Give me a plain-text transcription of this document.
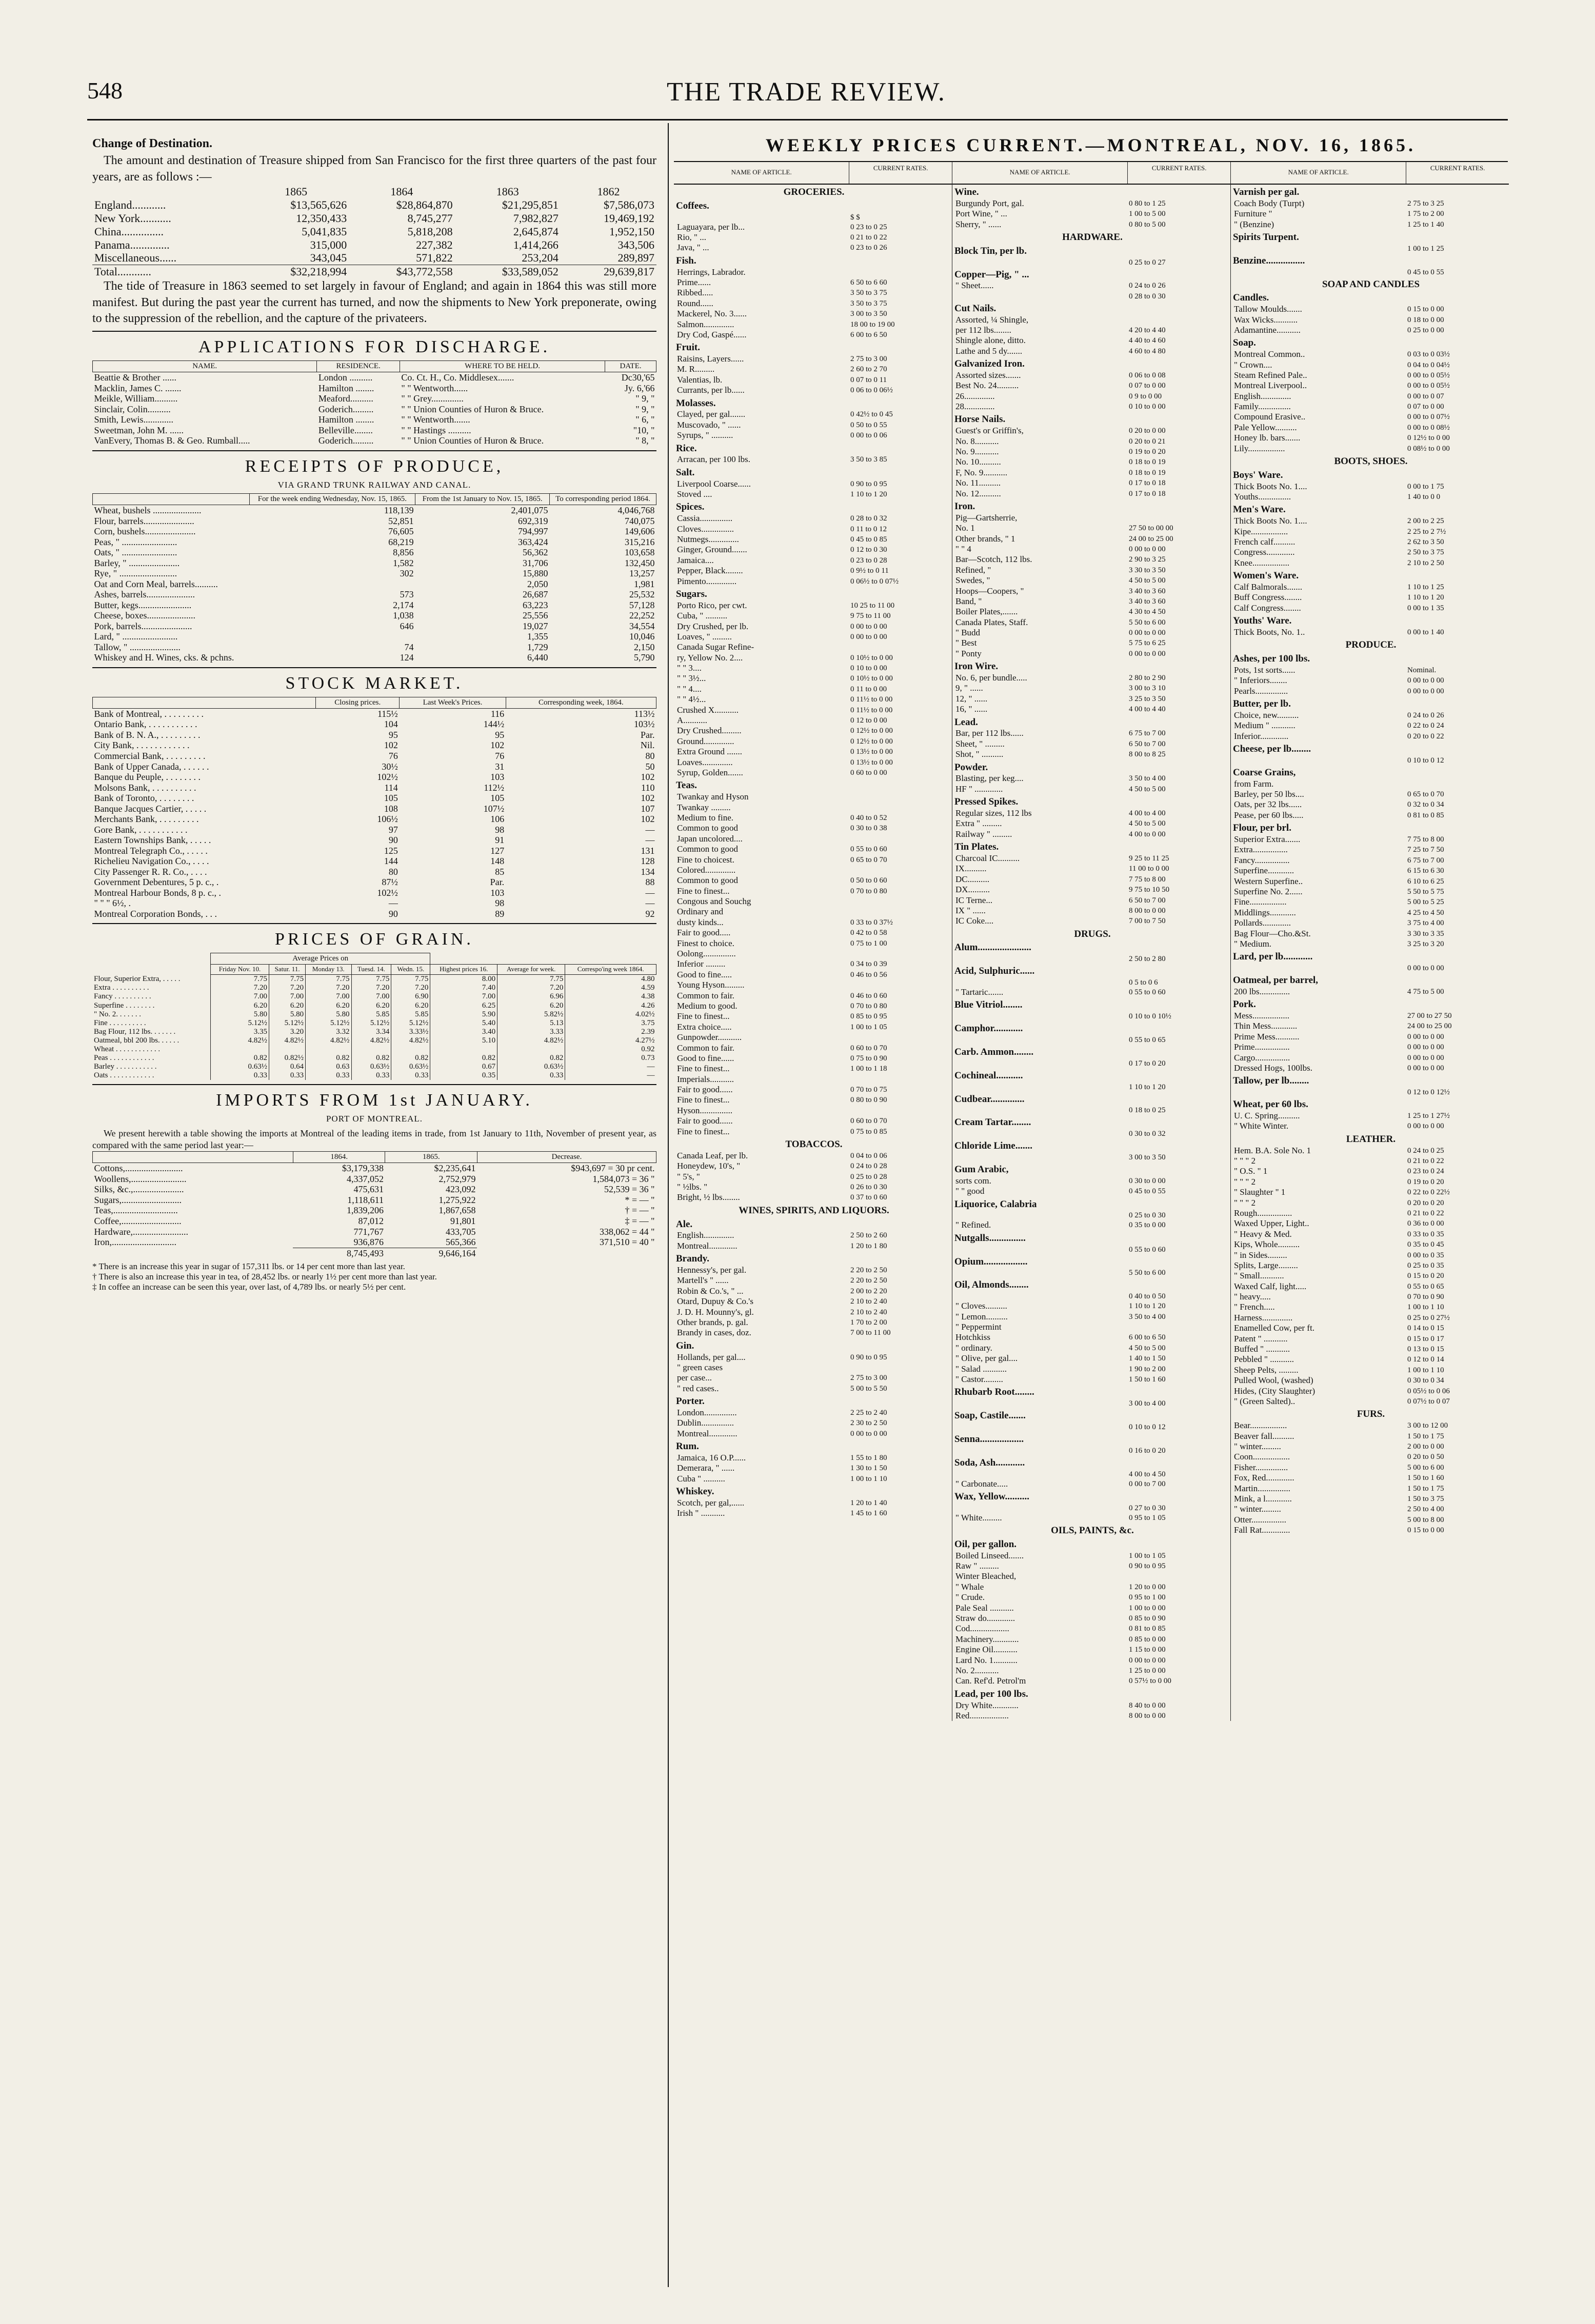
548	THE TRADE REVIEW.
Change of Destination.

The amount and destination of Treasure shipped from San Francisco for the first three quarters of the past four years, are as follows :—

	1865	1864	1863	1862
England............	$13,565,626	$28,864,870	$21,295,851	$7,586,073
New York...........	12,350,433	8,745,277	7,982,827	19,469,192
China...............	5,041,835	5,818,208	2,645,874	1,952,150
Panama..............	315,000	227,382	1,414,266	343,506
Miscellaneous......	343,045	571,822	253,204	289,897
Total............	$32,218,994	$43,772,558	$33,589,052	29,639,817

The tide of Treasure in 1863 seemed to set largely in favour of England; and again in 1864 this was still more manifest. But during the past year the current has turned, and now the shipments to New York preponerate, owing to the suppression of the rebellion, and the capture of the privateers.

APPLICATIONS FOR DISCHARGE.
NAME.	RESIDENCE.	WHERE TO BE HELD.	DATE.
Beattie & Brother ......	London ..........	Co. Ct. H., Co. Middlesex.......	Dc30,'65
Macklin, James C. .......	Hamilton ........	" " Wentworth......	Jy. 6,'66
Meikle, William..........	Meaford..........	" " Grey..............	" 9, "
Sinclair, Colin..........	Goderich.........	" " Union Counties of Huron & Bruce.	" 9, "
Smith, Lewis.............	Hamilton ........	" " Wentworth.......	" 6, "
Sweetman, John M. ......	Belleville........	" " Hastings ..........	"10, "
VanEvery, Thomas B. & Geo. Rumball.....	Goderich.........	" " Union Counties of Huron & Bruce.	" 8, "
RECEIPTS OF PRODUCE,
VIA GRAND TRUNK RAILWAY AND CANAL.
	For the week ending Wednesday, Nov. 15, 1865.	From the 1st January to Nov. 15, 1865.	To corresponding period 1864.
Wheat, bushels .....................	118,139	2,401,075	4,046,768
Flour, barrels......................	52,851	692,319	740,075
Corn, bushels......................	76,605	794,997	149,606
Peas, " ........................	68,219	363,424	315,216
Oats, " ........................	8,856	56,362	103,658
Barley, " ......................	1,582	31,706	132,450
Rye, " .........................	302	15,880	13,257
Oat and Corn Meal, barrels..........		2,050	1,981
Ashes, barrels.....................	573	26,687	25,532
Butter, kegs.......................	2,174	63,223	57,128
Cheese, boxes.....................	1,038	25,556	22,252
Pork, barrels......................	646	19,027	34,554
Lard, " ........................		1,355	10,046
Tallow, " ......................	74	1,729	2,150
Whiskey and H. Wines, cks. & pchns.	124	6,440	5,790
STOCK MARKET.
	Closing prices.	Last Week's Prices.	Corresponding week, 1864.
Bank of Montreal, . . . . . . . . .	115½	116	113½
Ontario Bank, . . . . . . . . . . .	104	144½	103½
Bank of B. N. A., . . . . . . . . .	95	95	Par.
City Bank, . . . . . . . . . . . .	102	102	Nil.
Commercial Bank, . . . . . . . . .	76	76	80
Bank of Upper Canada, . . . . . .	30½	31	50
Banque du Peuple, . . . . . . . .	102½	103	102
Molsons Bank, . . . . . . . . . .	114	112½	110
Bank of Toronto, . . . . . . . .	105	105	102
Banque Jacques Cartier, . . . . .	108	107½	107
Merchants Bank, . . . . . . . . .	106½	106	102
Gore Bank, . . . . . . . . . . .	97	98	—
Eastern Townships Bank, . . . . .	90	91	—
Montreal Telegraph Co., . . . . .	125	127	131
Richelieu Navigation Co., . . . .	144	148	128
City Passenger R. R. Co., . . . .	80	85	134
Government Debentures, 5 p. c., .	87½	Par.	88
Montreal Harbour Bonds, 8 p. c., .	102½	103	—
" " " 6½, .	—	98	—
Montreal Corporation Bonds, . . .	90	89	92
PRICES OF GRAIN.
	Average Prices on							
	Friday Nov. 10.	Satur. 11.	Monday 13.	Tuesd. 14.	Wedn. 15.	Highest prices 16.	Average for week.	Correspo'ing week 1864.
Flour, Superior Extra, . . . . .	7.75	7.75	7.75	7.75	7.75	8.00	7.75	4.80
Extra . . . . . . . . . .	7.20	7.20	7.20	7.20	7.20	7.40	7.20	4.59
Fancy . . . . . . . . . .	7.00	7.00	7.00	7.00	6.90	7.00	6.96	4.38
Superfine . . . . . . . .	6.20	6.20	6.20	6.20	6.20	6.25	6.20	4.26
" No. 2. . . . . . .	5.80	5.80	5.80	5.85	5.85	5.90	5.82½	4.02½
Fine . . . . . . . . . .	5.12½	5.12½	5.12½	5.12½	5.12½	5.40	5.13	3.75
Bag Flour, 112 lbs. . . . . . .	3.35	3.20	3.32	3.34	3.33½	3.40	3.33	2.39
Oatmeal, bbl 200 lbs. . . . . .	4.82½	4.82½	4.82½	4.82½	4.82½	5.10	4.82½	4.27½
Wheat . . . . . . . . . . . .								0.92
Peas . . . . . . . . . . . .	0.82	0.82½	0.82	0.82	0.82	0.82	0.82	0.73
Barley . . . . . . . . . . .	0.63½	0.64	0.63	0.63½	0.63½	0.67	0.63½	—
Oats . . . . . . . . . . . .	0.33	0.33	0.33	0.33	0.33	0.35	0.33	—
IMPORTS FROM 1st JANUARY.
PORT OF MONTREAL.

We present herewith a table showing the imports at Montreal of the leading items in trade, from 1st January to 11th, November of present year, as compared with the same period last year:—

	1864.	1865.	Decrease.
Cottons,.........................	$3,179,338	$2,235,641	$943,697 = 30 pr cent.
Woollens,........................	4,337,052	2,752,979	1,584,073 = 36 "
Silks, &c.,......................	475,631	423,092	52,539 = 36 "
Sugars,..........................	1,118,611	1,275,922	* = — "
Teas,............................	1,839,206	1,867,658	† = — "
Coffee,..........................	87,012	91,801	‡ = — "
Hardware,........................	771,767	433,705	338,062 = 44 "
Iron,............................	936,876	565,366	371,510 = 40 "
	8,745,493	9,646,164	
* There is an increase this year in sugar of 157,311 lbs. or 14 per cent more than last year.
† There is also an increase this year in tea, of 28,452 lbs. or nearly 1½ per cent more than last year.
‡ In coffee an increase can be seen this year, over last, of 4,789 lbs. or nearly 5½ per cent.
WEEKLY PRICES CURRENT.—MONTREAL, NOV. 16, 1865.
NAME OF ARTICLE.
CURRENT RATES.
GROCERIES.
Coffees.
$ $
Laguayara, per lb...	0 23 to 0 25
Rio, " ...	0 21 to 0 22
Java, " ...	0 23 to 0 26
Fish.
Herrings, Labrador.
Prime......	6 50 to 6 60
Ribbed.....	3 50 to 3 75
Round......	3 50 to 3 75
Mackerel, No. 3......	3 00 to 3 50
Salmon..............	18 00 to 19 00
Dry Cod, Gaspé......	6 00 to 6 50
Fruit.
Raisins, Layers......	2 75 to 3 00
M. R.........	2 60 to 2 70
Valentias, lb.	0 07 to 0 11
Currants, per lb......	0 06 to 0 06½
Molasses.
Clayed, per gal.......	0 42½ to 0 45
Muscovado, " ......	0 50 to 0 55
Syrups, " ..........	0 00 to 0 06
Rice.
Arracan, per 100 lbs.	3 50 to 3 85
Salt.
Liverpool Coarse......	0 90 to 0 95
Stoved ....	1 10 to 1 20
Spices.
Cassia...............	0 28 to 0 32
Cloves...............	0 11 to 0 12
Nutmegs..............	0 45 to 0 85
Ginger, Ground.......	0 12 to 0 30
Jamaica....	0 23 to 0 28
Pepper, Black........	0 9½ to 0 11
Pimento..............	0 06½ to 0 07½
Sugars.
Porto Rico, per cwt.	10 25 to 11 00
Cuba, " ..........	9 75 to 11 00
Dry Crushed, per lb.	0 00 to 0 00
Loaves, " .........	0 00 to 0 00
Canada Sugar Refine-
ry, Yellow No. 2....	0 10½ to 0 00
" " 3....	0 10 to 0 00
" " 3½...	0 10½ to 0 00
" " 4....	0 11 to 0 00
" " 4½...	0 11½ to 0 00
Crushed X...........	0 11½ to 0 00
A...........	0 12 to 0 00
Dry Crushed.........	0 12½ to 0 00
Ground..............	0 12½ to 0 00
Extra Ground .......	0 13½ to 0 00
Loaves..............	0 13½ to 0 00
Syrup, Golden.......	0 60 to 0 00
Teas.
Twankay and Hyson
Twankay .........
Medium to fine.	0 40 to 0 52
Common to good	0 30 to 0 38
Japan uncolored....
Common to good	0 55 to 0 60
Fine to choicest.	0 65 to 0 70
Colored..............
Common to good	0 50 to 0 60
Fine to finest...	0 70 to 0 80
Congous and Souchg
Ordinary and
dusty kinds...	0 33 to 0 37½
Fair to good.....	0 42 to 0 58
Finest to choice.	0 75 to 1 00
Oolong...............
Inferior .........	0 34 to 0 39
Good to fine.....	0 46 to 0 56
Young Hyson.........
Common to fair.	0 46 to 0 60
Medium to good.	0 70 to 0 80
Fine to finest...	0 85 to 0 95
Extra choice.....	1 00 to 1 05
Gunpowder...........
Common to fair.	0 60 to 0 70
Good to fine......	0 75 to 0 90
Fine to finest...	1 00 to 1 18
Imperials...........
Fair to good......	0 70 to 0 75
Fine to finest...	0 80 to 0 90
Hyson...............
Fair to good......	0 60 to 0 70
Fine to finest...	0 75 to 0 85
TOBACCOS.
Canada Leaf, per lb.	0 04 to 0 06
Honeydew, 10's, "	0 24 to 0 28
" 5's, "	0 25 to 0 28
" ½lbs. "	0 26 to 0 30
Bright, ½ lbs........	0 37 to 0 60
WINES, SPIRITS, AND LIQUORS.
Ale.
English..............	2 50 to 2 60
Montreal.............	1 20 to 1 80
Brandy.
Hennessy's, per gal.	2 20 to 2 50
Martell's " ......	2 20 to 2 50
Robin & Co.'s, " ...	2 00 to 2 20
Otard, Dupuy & Co.'s	2 10 to 2 40
J. D. H. Mounny's, gl.	2 10 to 2 40
Other brands, p. gal.	1 70 to 2 00
Brandy in cases, doz.	7 00 to 11 00
Gin.
Hollands, per gal....	0 90 to 0 95
" green cases
per case...	2 75 to 3 00
" red cases..	5 00 to 5 50
Porter.
London...............	2 25 to 2 40
Dublin...............	2 30 to 2 50
Montreal.............	0 00 to 0 00
Rum.
Jamaica, 16 O.P......	1 55 to 1 80
Demerara, " ......	1 30 to 1 50
Cuba " ..........	1 00 to 1 10
Whiskey.
Scotch, per gal,......	1 20 to 1 40
Irish " ...........	1 45 to 1 60
NAME OF ARTICLE.
CURRENT RATES.
Wine.
Burgundy Port, gal.	0 80 to 1 25
Port Wine, " ...	1 00 to 5 00
Sherry, " ......	0 80 to 5 00
HARDWARE.
Block Tin, per lb.
0 25 to 0 27
Copper—Pig, " ...
" Sheet......	0 24 to 0 26
0 28 to 0 30
Cut Nails.
Assorted, ¼ Shingle,
per 112 lbs........	4 20 to 4 40
Shingle alone, ditto.	4 40 to 4 60
Lathe and 5 dy.......	4 60 to 4 80
Galvanized Iron.
Assorted sizes.......	0 06 to 0 08
Best No. 24..........	0 07 to 0 00
26..............	0 9 to 0 00
28..............	0 10 to 0 00
Horse Nails.
Guest's or Griffin's,	0 20 to 0 00
No. 8...........	0 20 to 0 21
No. 9...........	0 19 to 0 20
No. 10..........	0 18 to 0 19
F, No. 9...........	0 18 to 0 19
No. 11..........	0 17 to 0 18
No. 12..........	0 17 to 0 18
Iron.
Pig—Gartsherrie,
No. 1	27 50 to 00 00
Other brands, " 1	24 00 to 25 00
" " 4	0 00 to 0 00
Bar—Scotch, 112 lbs.	2 90 to 3 25
Refined, "	3 30 to 3 50
Swedes, "	4 50 to 5 00
Hoops—Coopers, "	3 40 to 3 60
Band, "	3 40 to 3 60
Boiler Plates,.......	4 30 to 4 50
Canada Plates, Staff.	5 50 to 6 00
" Budd	0 00 to 0 00
" Best	5 75 to 6 25
" Ponty	0 00 to 0 00
Iron Wire.
No. 6, per bundle.....	2 80 to 2 90
9, " ......	3 00 to 3 10
12, " ......	3 25 to 3 50
16, " ......	4 00 to 4 40
Lead.
Bar, per 112 lbs......	6 75 to 7 00
Sheet, " .........	6 50 to 7 00
Shot, " ..........	8 00 to 8 25
Powder.
Blasting, per keg....	3 50 to 4 00
HF " .............	4 50 to 5 00
Pressed Spikes.
Regular sizes, 112 lbs	4 00 to 4 00
Extra " .........	4 50 to 5 00
Railway " .........	4 00 to 0 00
Tin Plates.
Charcoal IC..........	9 25 to 11 25
IX..........	11 00 to 0 00
DC..........	7 75 to 8 00
DX..........	9 75 to 10 50
IC Terne...	6 50 to 7 00
IX " ......	8 00 to 0 00
IC Coke....	7 00 to 7 50
DRUGS.
Alum......................
2 50 to 2 80
Acid, Sulphuric......
0 5 to 0 6
" Tartaric.......	0 55 to 0 60
Blue Vitriol........
0 10 to 0 10½
Camphor............
0 55 to 0 65
Carb. Ammon........
0 17 to 0 20
Cochineal...........
1 10 to 1 20
Cudbear..............
0 18 to 0 25
Cream Tartar........
0 30 to 0 32
Chloride Lime.......
3 00 to 3 50
Gum Arabic,
sorts com.	0 30 to 0 00
" " good	0 45 to 0 55
Liquorice, Calabria
0 25 to 0 30
" Refined.	0 35 to 0 00
Nutgalls...............
0 55 to 0 60
Opium..................
5 50 to 6 00
Oil, Almonds........
0 40 to 0 50
" Cloves..........	1 10 to 1 20
" Lemon..........	3 50 to 4 00
" Peppermint
Hotchkiss	6 00 to 6 50
" ordinary.	4 50 to 5 00
" Olive, per gal....	1 40 to 1 50
" Salad ...........	1 90 to 2 00
" Castor.........	1 50 to 1 60
Rhubarb Root........
3 00 to 4 00
Soap, Castile.......
0 10 to 0 12
Senna..................
0 16 to 0 20
Soda, Ash............
4 00 to 4 50
" Carbonate.....	0 00 to 7 00
Wax, Yellow..........
0 27 to 0 30
" White.........	0 95 to 1 05
OILS, PAINTS, &c.
Oil, per gallon.
Boiled Linseed.......	1 00 to 1 05
Raw " .........	0 90 to 0 95
Winter Bleached,
" Whale	1 20 to 0 00
" Crude.	0 95 to 1 00
Pale Seal ...........	1 00 to 0 00
Straw do.............	0 85 to 0 90
Cod..................	0 81 to 0 85
Machinery............	0 85 to 0 00
Engine Oil...........	1 15 to 0 00
Lard No. 1...........	0 00 to 0 00
No. 2...........	1 25 to 0 00
Can. Ref'd. Petrol'm	0 57½ to 0 00
Lead, per 100 lbs.
Dry White............	8 40 to 0 00
Red..................	8 00 to 0 00
NAME OF ARTICLE.
CURRENT RATES.
Varnish per gal.
Coach Body (Turpt)	2 75 to 3 25
Furniture "	1 75 to 2 00
" (Benzine)	1 25 to 1 40
Spirits Turpent.
1 00 to 1 25
Benzine................
0 45 to 0 55
SOAP AND CANDLES
Candles.
Tallow Moulds.......	0 15 to 0 00
Wax Wicks...........	0 18 to 0 00
Adamantine...........	0 25 to 0 00
Soap.
Montreal Common..	0 03 to 0 03½
" Crown....	0 04 to 0 04½
Steam Refined Pale..	0 00 to 0 05½
Montreal Liverpool..	0 00 to 0 05½
English..............	0 00 to 0 07
Family...............	0 07 to 0 00
Compound Erasive..	0 00 to 0 07½
Pale Yellow..........	0 00 to 0 08½
Honey lb. bars.......	0 12½ to 0 00
Lily.................	0 08½ to 0 00
BOOTS, SHOES.
Boys' Ware.
Thick Boots No. 1....	0 00 to 1 75
Youths...............	1 40 to 0 0
Men's Ware.
Thick Boots No. 1....	2 00 to 2 25
Kipe.................	2 25 to 2 7½
French calf..........	2 62 to 3 50
Congress.............	2 50 to 3 75
Knee.................	2 10 to 2 50
Women's Ware.
Calf Balmorals.......	1 10 to 1 25
Buff Congress........	1 10 to 1 20
Calf Congress........	0 00 to 1 35
Youths' Ware.
Thick Boots, No. 1..	0 00 to 1 40
PRODUCE.
Ashes, per 100 lbs.
Pots, 1st sorts......	Nominal.
" Inferiors........	0 00 to 0 00
Pearls...............	0 00 to 0 00
Butter, per lb.
Choice, new..........	0 24 to 0 26
Medium " ...........	0 22 to 0 24
Inferior.............	0 20 to 0 22
Cheese, per lb........
0 10 to 0 12
Coarse Grains,
from Farm.
Barley, per 50 lbs....	0 65 to 0 70
Oats, per 32 lbs......	0 32 to 0 34
Pease, per 60 lbs.....	0 81 to 0 85
Flour, per brl.
Superior Extra.......	7 75 to 8 00
Extra................	7 25 to 7 50
Fancy................	6 75 to 7 00
Superfine............	6 15 to 6 30
Western Superfine..	6 10 to 6 25
Superfine No. 2......	5 50 to 5 75
Fine.................	5 00 to 5 25
Middlings............	4 25 to 4 50
Pollards.............	3 75 to 4 00
Bag Flour—Cho.&St.	3 30 to 3 35
" Medium.	3 25 to 3 20
Lard, per lb............
0 00 to 0 00
Oatmeal, per barrel,
200 lbs..............	4 75 to 5 00
Pork.
Mess.................	27 00 to 27 50
Thin Mess............	24 00 to 25 00
Prime Mess...........	0 00 to 0 00
Prime................	0 00 to 0 00
Cargo................	0 00 to 0 00
Dressed Hogs, 100lbs.	0 00 to 0 00
Tallow, per lb........
0 12 to 0 12½
Wheat, per 60 lbs.
U. C. Spring..........	1 25 to 1 27½
" White Winter.	0 00 to 0 00
LEATHER.
Hem. B.A. Sole No. 1	0 24 to 0 25
" " " 2	0 21 to 0 22
" O.S. " 1	0 23 to 0 24
" " " 2	0 19 to 0 20
" Slaughter " 1	0 22 to 0 22½
" " " 2	0 20 to 0 20
Rough................	0 21 to 0 22
Waxed Upper, Light..	0 36 to 0 00
" Heavy & Med.	0 33 to 0 35
Kips, Whole..........	0 35 to 0 45
" in Sides.........	0 00 to 0 35
Splits, Large.........	0 25 to 0 35
" Small...........	0 15 to 0 20
Waxed Calf, light.....	0 55 to 0 65
" heavy.....	0 70 to 0 90
" French.....	1 00 to 1 10
Harness..............	0 25 to 0 27½
Enamelled Cow, per ft.	0 14 to 0 15
Patent " ...........	0 15 to 0 17
Buffed " ...........	0 13 to 0 15
Pebbled " ...........	0 12 to 0 14
Sheep Pelts, .........	1 00 to 1 10
Pulled Wool, (washed)	0 30 to 0 34
Hides, (City Slaughter)	0 05½ to 0 06
" (Green Salted)..	0 07½ to 0 07
FURS.
Bear.................	3 00 to 12 00
Beaver fall..........	1 50 to 1 75
" winter.........	2 00 to 0 00
Coon.................	0 20 to 0 50
Fisher...............	5 00 to 6 00
Fox, Red.............	1 50 to 1 60
Martin...............	1 50 to 1 75
Mink, a l............	1 50 to 3 75
" winter.........	2 50 to 4 00
Otter................	5 00 to 8 00
Fall Rat.............	0 15 to 0 00
